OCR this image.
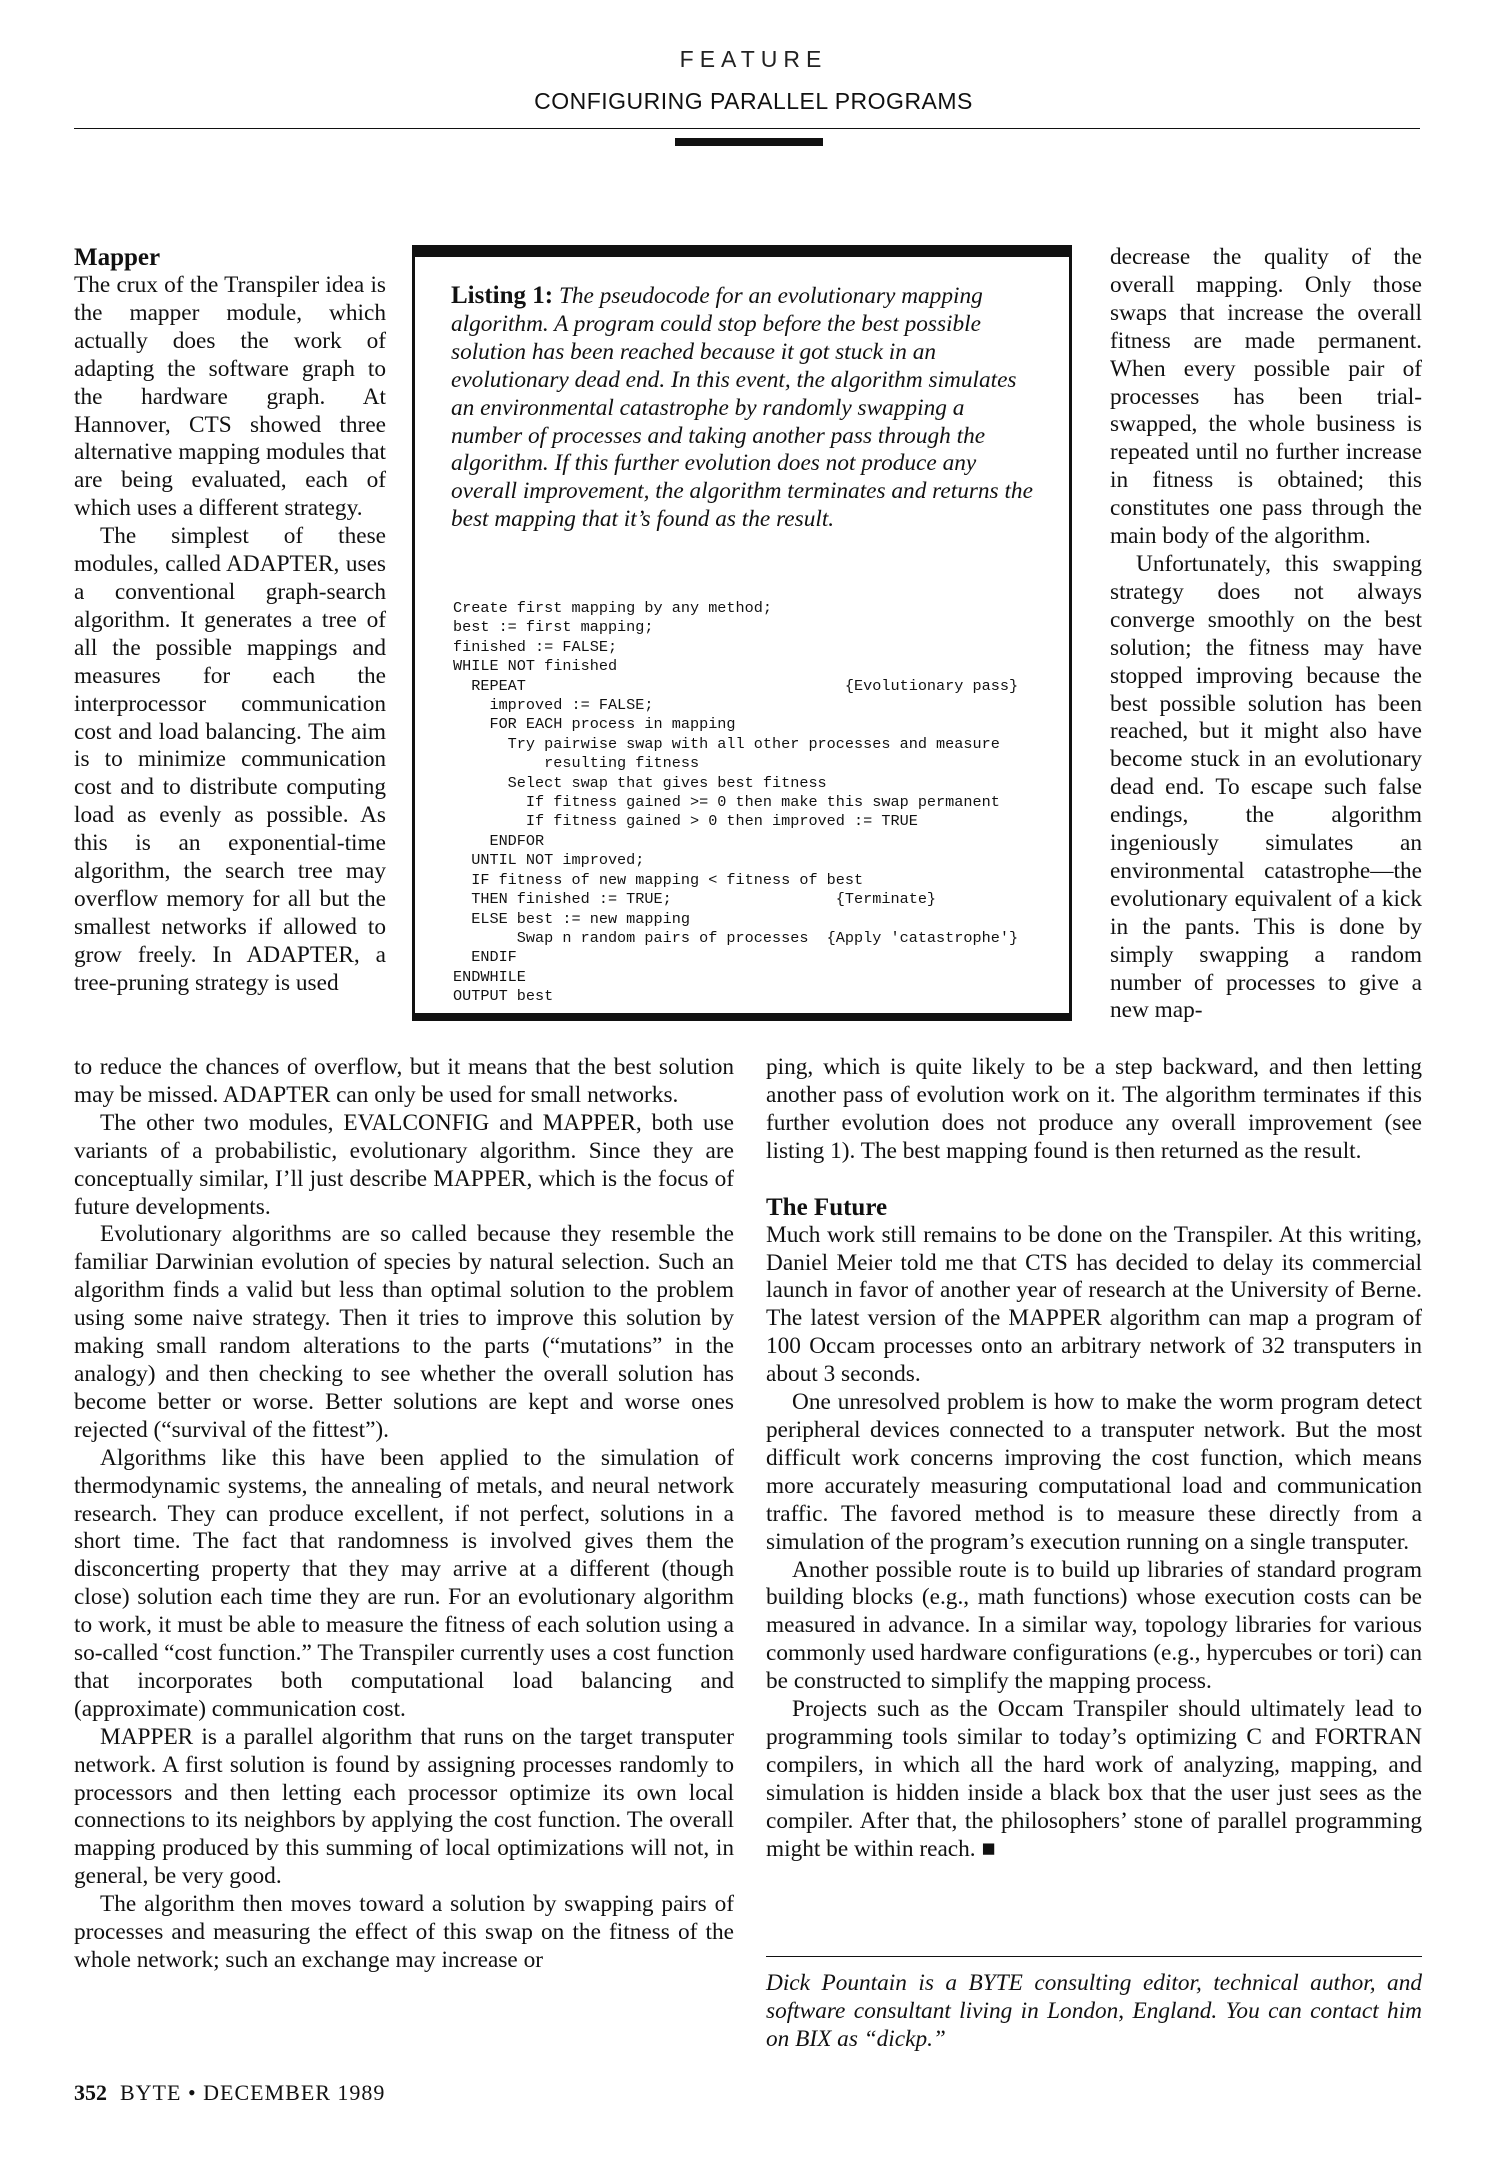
FEATURE
CONFIGURING PARALLEL PROGRAMS
Mapper

The crux of the Transpiler idea is the mapper module, which actually does the work of adapting the software graph to the hardware graph. At Hannover, CTS showed three alternative mapping modules that are being evaluated, each of which uses a different strategy.

The simplest of these modules, called ADAPTER, uses a conventional graph-search algorithm. It generates a tree of all the possible mappings and measures for each the interprocessor communication cost and load balancing. The aim is to minimize communication cost and to distribute computing load as evenly as possible. As this is an exponential-time algorithm, the search tree may overflow memory for all but the smallest networks if allowed to grow freely. In ADAPTER, a tree-pruning strategy is used

Listing 1: The pseudocode for an evolutionary mapping algorithm. A program could stop before the best possible solution has been reached because it got stuck in an evolutionary dead end. In this event, the algorithm simulates an environmental catastrophe by randomly swapping a number of processes and taking another pass through the algorithm. If this further evolution does not produce any overall improvement, the algorithm terminates and returns the best mapping that it’s found as the result.
Create first mapping by any method;
best := first mapping;
finished := FALSE;
WHILE NOT finished
REPEAT                                   {Evolutionary pass}
improved := FALSE;
FOR EACH process in mapping
Try pairwise swap with all other processes and measure
resulting fitness
Select swap that gives best fitness
If fitness gained >= 0 then make this swap permanent
If fitness gained > 0 then improved := TRUE
ENDFOR
UNTIL NOT improved;
IF fitness of new mapping < fitness of best
THEN finished := TRUE;                  {Terminate}
ELSE best := new mapping
Swap n random pairs of processes  {Apply 'catastrophe'}
ENDIF
ENDWHILE
OUTPUT best

decrease the quality of the overall mapping. Only those swaps that increase the overall fitness are made permanent. When every possible pair of processes has been trial-swapped, the whole business is repeated until no further increase in fitness is obtained; this constitutes one pass through the main body of the algorithm.

Unfortunately, this swapping strategy does not always converge smoothly on the best solution; the fitness may have stopped improving because the best possible solution has been reached, but it might also have become stuck in an evolutionary dead end. To escape such false endings, the algorithm ingeniously simulates an environmental catastrophe—the evolutionary equivalent of a kick in the pants. This is done by simply swapping a random number of processes to give a new map-

to reduce the chances of overflow, but it means that the best solution may be missed. ADAPTER can only be used for small networks.

The other two modules, EVALCONFIG and MAPPER, both use variants of a probabilistic, evolutionary algorithm. Since they are conceptually similar, I’ll just describe MAPPER, which is the focus of future developments.

Evolutionary algorithms are so called because they resemble the familiar Darwinian evolution of species by natural selection. Such an algorithm finds a valid but less than optimal solution to the problem using some naive strategy. Then it tries to improve this solution by making small random alterations to the parts (“mutations” in the analogy) and then checking to see whether the overall solution has become better or worse. Better solutions are kept and worse ones rejected (“survival of the fittest”).

Algorithms like this have been applied to the simulation of thermodynamic systems, the annealing of metals, and neural network research. They can produce excellent, if not perfect, solutions in a short time. The fact that randomness is involved gives them the disconcerting property that they may arrive at a different (though close) solution each time they are run. For an evolutionary algorithm to work, it must be able to measure the fitness of each solution using a so-called “cost function.” The Transpiler currently uses a cost function that incorporates both computational load balancing and (approximate) communication cost.

MAPPER is a parallel algorithm that runs on the target transputer network. A first solution is found by assigning processes randomly to processors and then letting each processor optimize its own local connections to its neighbors by applying the cost function. The overall mapping produced by this summing of local optimizations will not, in general, be very good.

The algorithm then moves toward a solution by swapping pairs of processes and measuring the effect of this swap on the fitness of the whole network; such an exchange may increase or

ping, which is quite likely to be a step backward, and then letting another pass of evolution work on it. The algorithm terminates if this further evolution does not produce any overall improvement (see listing 1). The best mapping found is then returned as the result.

The Future

Much work still remains to be done on the Transpiler. At this writing, Daniel Meier told me that CTS has decided to delay its commercial launch in favor of another year of research at the University of Berne. The latest version of the MAPPER algorithm can map a program of 100 Occam processes onto an arbitrary network of 32 transputers in about 3 seconds.

One unresolved problem is how to make the worm program detect peripheral devices connected to a transputer network. But the most difficult work concerns improving the cost function, which means more accurately measuring computational load and communication traffic. The favored method is to measure these directly from a simulation of the program’s execution running on a single transputer.

Another possible route is to build up libraries of standard program building blocks (e.g., math functions) whose execution costs can be measured in advance. In a similar way, topology libraries for various commonly used hardware configurations (e.g., hypercubes or tori) can be constructed to simplify the mapping process.

Projects such as the Occam Transpiler should ultimately lead to programming tools similar to today’s optimizing C and FORTRAN compilers, in which all the hard work of analyzing, mapping, and simulation is hidden inside a black box that the user just sees as the compiler. After that, the philosophers’ stone of parallel programming might be within reach. ■

Dick Pountain is a BYTE consulting editor, technical author, and software consultant living in London, England. You can contact him on BIX as “dickp.”
352 BYTE • DECEMBER 1989
